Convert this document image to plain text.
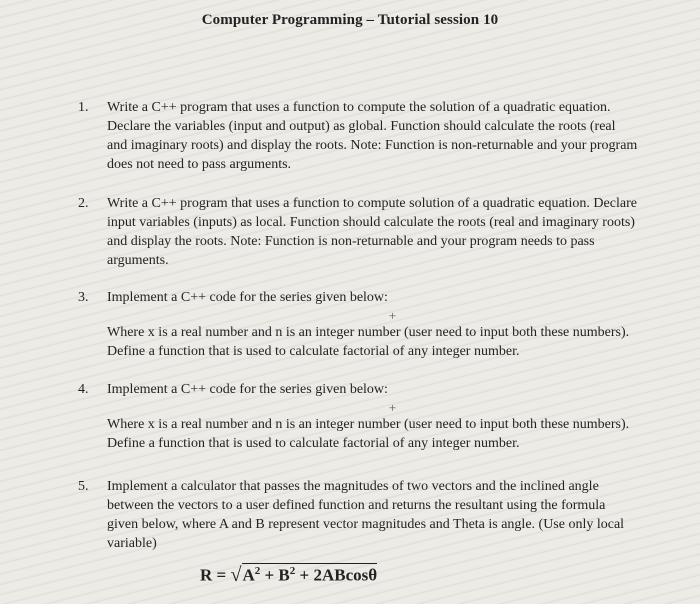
Computer Programming – Tutorial session 10
1.	Write a C++ program that uses a function to compute the solution of a quadratic equation. Declare the variables (input and output) as global. Function should calculate the roots (real and imaginary roots) and display the roots. Note: Function is non-returnable and your program does not need to pass arguments.
2.	Write a C++ program that uses a function to compute solution of a quadratic equation. Declare input variables (inputs) as local. Function should calculate the roots (real and imaginary roots) and display the roots. Note: Function is non-returnable and your program needs to pass arguments.
3.	Implement a C++ code for the series given below:
+
Where x is a real number and n is an integer number (user need to input both these numbers). Define a function that is used to calculate factorial of any integer number.
4.	Implement a C++ code for the series given below:
+
Where x is a real number and n is an integer number (user need to input both these numbers). Define a function that is used to calculate factorial of any integer number.
5.	Implement a calculator that passes the magnitudes of two vectors and the inclined angle between the vectors to a user defined function and returns the resultant using the formula given below, where A and B represent vector magnitudes and Theta is angle. (Use only local variable)
$R = √A^2 + B^2 + 2ABcos\theta$
